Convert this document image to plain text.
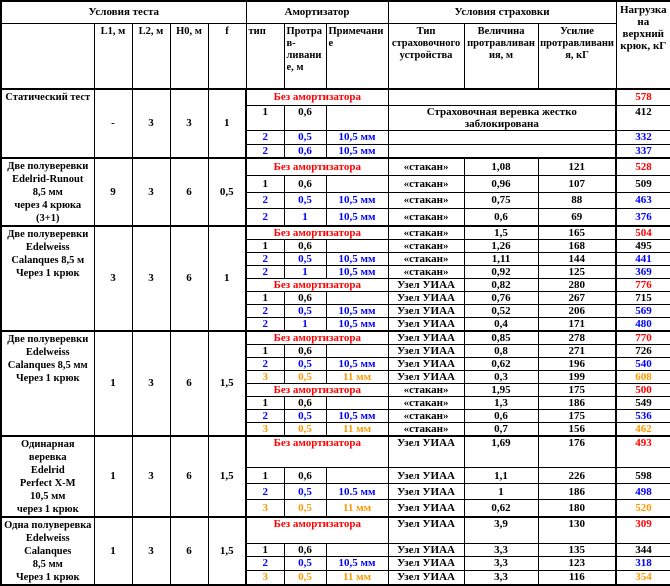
Условия теста					Амортизатор			Условия страховки			Нагрузка на верхний крюк, кГ
	L1, м	L2, м	H0, м	f	тип	Протрав-ливание, м	Примечание	Тип страховочного устройства	Величина протравливания, м	Усилие протравливания, кГ	

Статический тест	-	3	3	1	Без амортизатора						578
					1	0,6		Страховочная веревка жестко заблокирована			412
					2	0,5	10,5 мм				332
					2	0,6	10,5 мм				337

Две полуверевки
Edelrid-Runout
8,5 мм
через 4 крюка (3+1)	9	3	6	0,5	Без амортизатора			«стакан»	1,08	121	528
					1	0,6		«стакан»	0,96	107	509
					2	0,5	10,5 мм	«стакан»	0,75	88	463
					2	1	10,5 мм	«стакан»	0,6	69	376

Две полуверевки
Edelweiss
Calanques 8,5 м
Через 1 крюк	3	3	6	1	Без амортизатора			«стакан»	1,5	165	504
					1	0,6		«стакан»	1,26	168	495
					2	0,5	10,5 мм	«стакан»	1,11	144	441
					2	1	10,5 мм	«стакан»	0,92	125	369
					Без амортизатора			Узел УИАА	0,82	280	776
					1	0,6		Узел УИАА	0,76	267	715
					2	0,5	10,5 мм	Узел УИАА	0,52	206	569
					2	1	10,5 мм	Узел УИАА	0,4	171	480

Две полуверевки
Edelweiss
Calanques 8,5 мм
Через 1 крюк	1	3	6	1,5	Без амортизатора			Узел УИАА	0,85	278	770
					1	0,6		Узел УИАА	0,8	271	726
					2	0,5	10,5 мм	Узел УИАА	0,62	196	540
					3	0,5	11 мм	Узел УИАА	0,3	199	608
					Без амортизатора			«стакан»	1,95	175	500
					1	0,6		«стакан»	1,3	186	549
					2	0,5	10,5 мм	«стакан»	0,6	175	536
					3	0,5	11 мм	«стакан»	0,7	156	462

Одинарная веревка
Edelrid
Perfect X-M
10,5 мм
через 1 крюк	1	3	6	1,5	Без амортизатора			Узел УИАА	1,69	176	493
					1	0,6		Узел УИАА	1,1	226	598
					2	0,5	10.5 мм	Узел УИАА	1	186	498
					3	0,5	11 мм	Узел УИАА	0,62	180	520

Одна полуверевка
Edelweiss Calanques
8,5 мм
Через 1 крюк	1	3	6	1,5	Без амортизатора			Узел УИАА	3,9	130	309
					1	0,6		Узел УИАА	3,3	135	344
					2	0,5	10,5 мм	Узел УИАА	3,3	123	318
					3	0,5	11 мм	Узел УИАА	3,3	116	354
